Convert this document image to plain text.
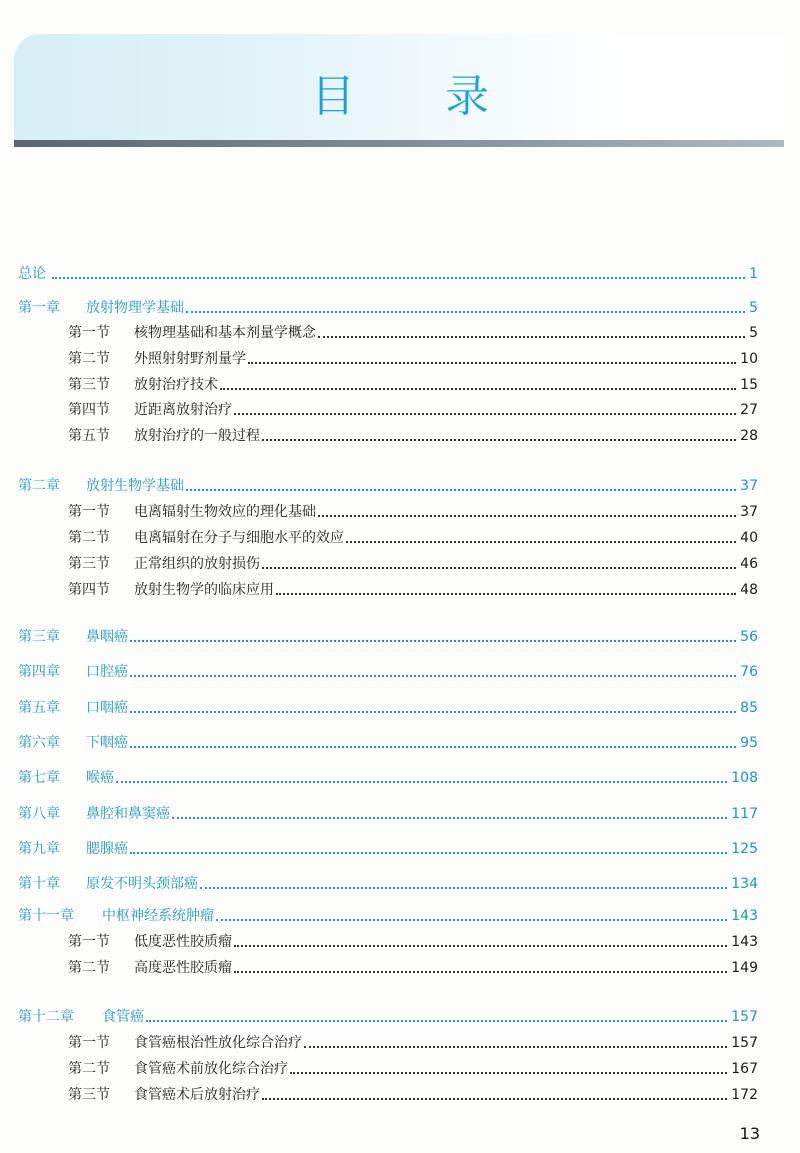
目 录
总论	1
第一章	放射物理学基础	5
第一节	核物理基础和基本剂量学概念	5
第二节	外照射射野剂量学	10
第三节	放射治疗技术	15
第四节	近距离放射治疗	27
第五节	放射治疗的一般过程	28
第二章	放射生物学基础	37
第一节	电离辐射生物效应的理化基础	37
第二节	电离辐射在分子与细胞水平的效应	40
第三节	正常组织的放射损伤	46
第四节	放射生物学的临床应用	48
第三章	鼻咽癌	56
第四章	口腔癌	76
第五章	口咽癌	85
第六章	下咽癌	95
第七章	喉癌	108
第八章	鼻腔和鼻窦癌	117
第九章	腮腺癌	125
第十章	原发不明头颈部癌	134
第十一章	中枢神经系统肿瘤	143
第一节	低度恶性胶质瘤	143
第二节	高度恶性胶质瘤	149
第十二章	食管癌	157
第一节	食管癌根治性放化综合治疗	157
第二节	食管癌术前放化综合治疗	167
第三节	食管癌术后放射治疗	172
13
